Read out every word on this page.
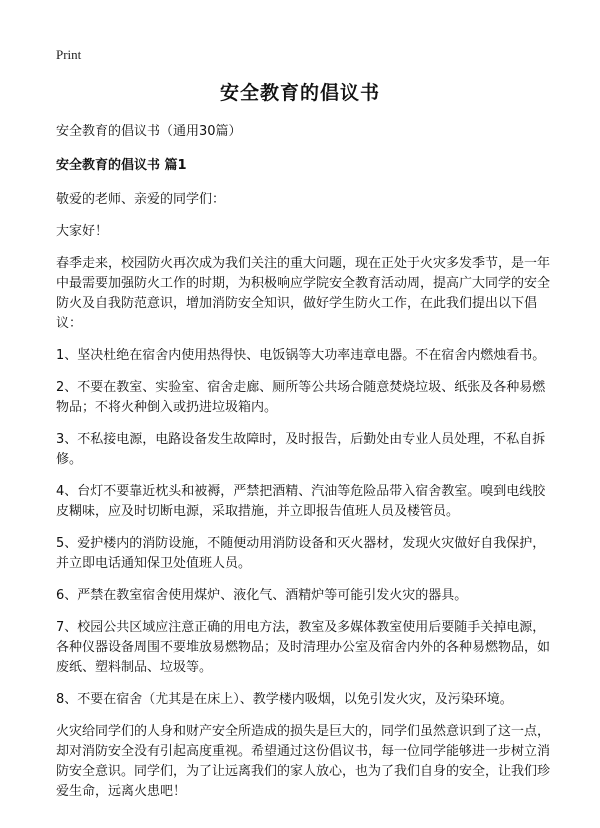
Print
安全教育的倡议书

安全教育的倡议书（通用30篇）

安全教育的倡议书 篇1

敬爱的老师、亲爱的同学们：

大家好！

春季走来，校园防火再次成为我们关注的重大问题，现在正处于火灾多发季节，是一年中最需要加强防火工作的时期，为积极响应学院安全教育活动周，提高广大同学的安全防火及自我防范意识，增加消防安全知识，做好学生防火工作，在此我们提出以下倡议：

1、坚决杜绝在宿舍内使用热得快、电饭锅等大功率违章电器。不在宿舍内燃烛看书。

2、不要在教室、实验室、宿舍走廊、厕所等公共场合随意焚烧垃圾、纸张及各种易燃物品；不将火种倒入或扔进垃圾箱内。

3、不私接电源，电路设备发生故障时，及时报告，后勤处由专业人员处理，不私自拆修。

4、台灯不要靠近枕头和被褥，严禁把酒精、汽油等危险品带入宿舍教室。嗅到电线胶皮糊味，应及时切断电源，采取措施，并立即报告值班人员及楼管员。

5、爱护楼内的消防设施，不随便动用消防设备和灭火器材，发现火灾做好自我保护，并立即电话通知保卫处值班人员。

6、严禁在教室宿舍使用煤炉、液化气、酒精炉等可能引发火灾的器具。

7、校园公共区域应注意正确的用电方法，教室及多媒体教室使用后要随手关掉电源，各种仪器设备周围不要堆放易燃物品；及时清理办公室及宿舍内外的各种易燃物品，如废纸、塑料制品、垃圾等。

8、不要在宿舍（尤其是在床上）、教学楼内吸烟，以免引发火灾，及污染环境。

火灾给同学们的人身和财产安全所造成的损失是巨大的，同学们虽然意识到了这一点，却对消防安全没有引起高度重视。希望通过这份倡议书，每一位同学能够进一步树立消防安全意识。同学们，为了让远离我们的家人放心，也为了我们自身的安全，让我们珍爱生命，远离火患吧！
